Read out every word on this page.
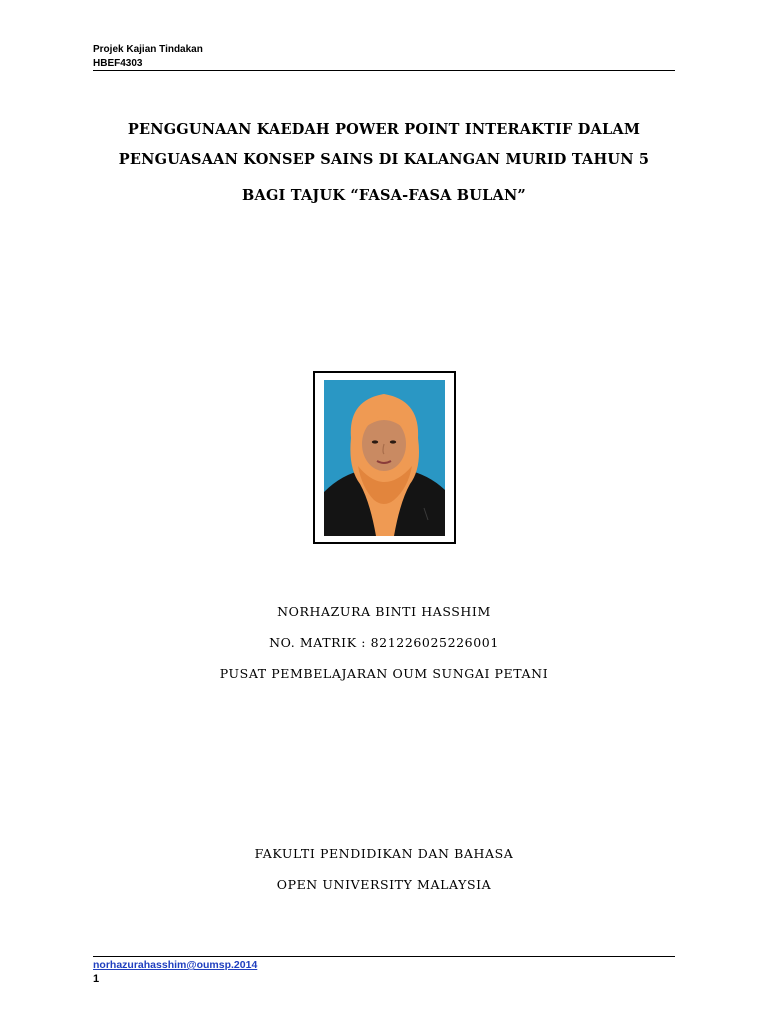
Projek Kajian Tindakan
HBEF4303
PENGGUNAAN KAEDAH POWER POINT INTERAKTIF DALAM
PENGUASAAN KONSEP SAINS DI KALANGAN MURID TAHUN 5
BAGI TAJUK “FASA-FASA BULAN”
NORHAZURA BINTI HASSHIM
NO. MATRIK : 821226025226001
PUSAT PEMBELAJARAN OUM SUNGAI PETANI
FAKULTI PENDIDIKAN DAN BAHASA
OPEN UNIVERSITY MALAYSIA
norhazurahasshim@oumsp.2014
1
